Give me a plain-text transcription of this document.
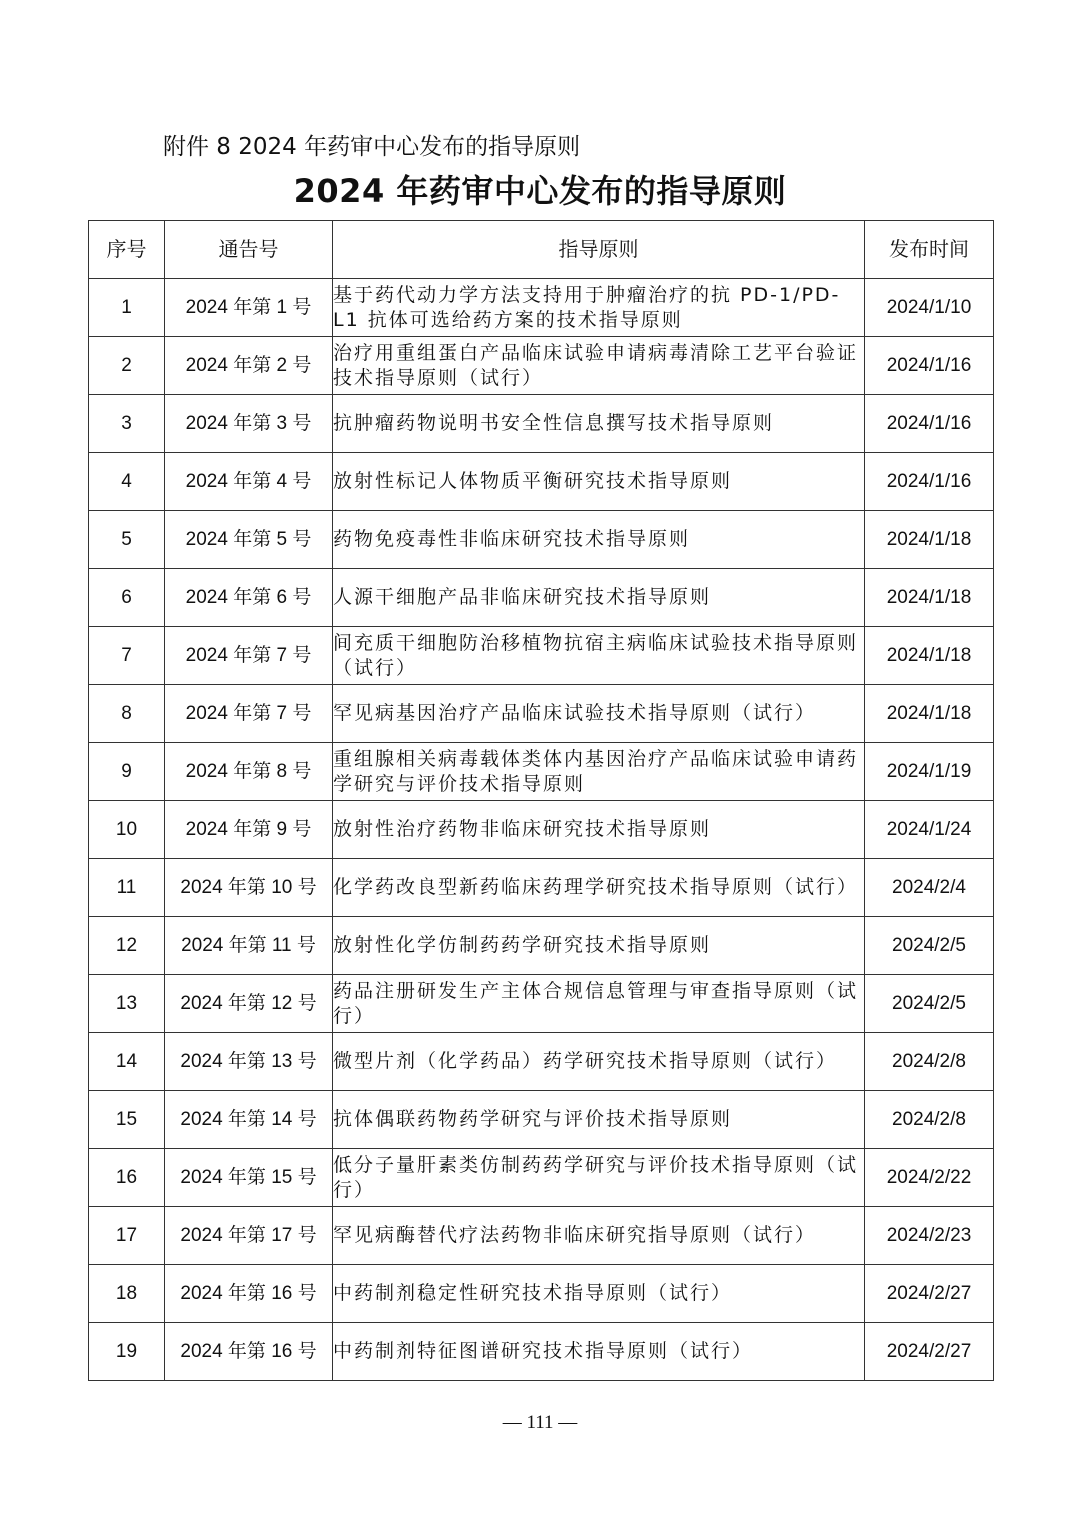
附件 8 2024 年药审中心发布的指导原则
2024 年药审中心发布的指导原则
序号	通告号	指导原则	发布时间
1	2024 年第 1 号	基于药代动力学方法支持用于肿瘤治疗的抗 PD-1/PD-L1 抗体可选给药方案的技术指导原则	2024/1/10
2	2024 年第 2 号	治疗用重组蛋白产品临床试验申请病毒清除工艺平台验证技术指导原则（试行）	2024/1/16
3	2024 年第 3 号	抗肿瘤药物说明书安全性信息撰写技术指导原则	2024/1/16
4	2024 年第 4 号	放射性标记人体物质平衡研究技术指导原则	2024/1/16
5	2024 年第 5 号	药物免疫毒性非临床研究技术指导原则	2024/1/18
6	2024 年第 6 号	人源干细胞产品非临床研究技术指导原则	2024/1/18
7	2024 年第 7 号	间充质干细胞防治移植物抗宿主病临床试验技术指导原则（试行）	2024/1/18
8	2024 年第 7 号	罕见病基因治疗产品临床试验技术指导原则（试行）	2024/1/18
9	2024 年第 8 号	重组腺相关病毒载体类体内基因治疗产品临床试验申请药学研究与评价技术指导原则	2024/1/19
10	2024 年第 9 号	放射性治疗药物非临床研究技术指导原则	2024/1/24
11	2024 年第 10 号	化学药改良型新药临床药理学研究技术指导原则（试行）	2024/2/4
12	2024 年第 11 号	放射性化学仿制药药学研究技术指导原则	2024/2/5
13	2024 年第 12 号	药品注册研发生产主体合规信息管理与审查指导原则（试行）	2024/2/5
14	2024 年第 13 号	微型片剂（化学药品）药学研究技术指导原则（试行）	2024/2/8
15	2024 年第 14 号	抗体偶联药物药学研究与评价技术指导原则	2024/2/8
16	2024 年第 15 号	低分子量肝素类仿制药药学研究与评价技术指导原则（试行）	2024/2/22
17	2024 年第 17 号	罕见病酶替代疗法药物非临床研究指导原则（试行）	2024/2/23
18	2024 年第 16 号	中药制剂稳定性研究技术指导原则（试行）	2024/2/27
19	2024 年第 16 号	中药制剂特征图谱研究技术指导原则（试行）	2024/2/27
— 111 —
